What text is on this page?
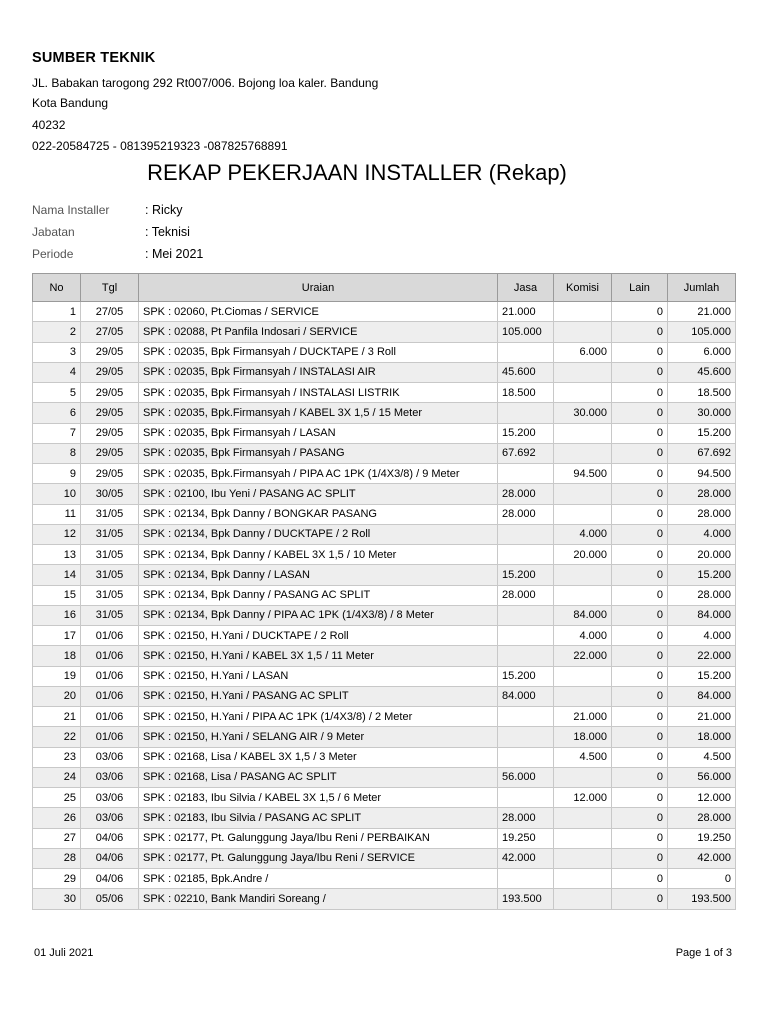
SUMBER TEKNIK
JL. Babakan tarogong 292 Rt007/006. Bojong loa kaler. Bandung
Kota Bandung
40232
022-20584725 - 081395219323 -087825768891
REKAP PEKERJAAN INSTALLER (Rekap)
Nama Installer	: Ricky
Jabatan	: Teknisi
Periode	: Mei 2021
No	Tgl	Uraian	Jasa	Komisi	Lain	Jumlah
1	27/05	SPK : 02060, Pt.Ciomas / SERVICE	21.000		0	21.000
2	27/05	SPK : 02088, Pt Panfila Indosari / SERVICE	105.000		0	105.000
3	29/05	SPK : 02035, Bpk Firmansyah / DUCKTAPE / 3 Roll		6.000	0	6.000
4	29/05	SPK : 02035, Bpk Firmansyah / INSTALASI AIR	45.600		0	45.600
5	29/05	SPK : 02035, Bpk Firmansyah / INSTALASI LISTRIK	18.500		0	18.500
6	29/05	SPK : 02035, Bpk.Firmansyah / KABEL 3X 1,5 / 15 Meter		30.000	0	30.000
7	29/05	SPK : 02035, Bpk Firmansyah / LASAN	15.200		0	15.200
8	29/05	SPK : 02035, Bpk Firmansyah / PASANG	67.692		0	67.692
9	29/05	SPK : 02035, Bpk.Firmansyah / PIPA AC 1PK (1/4X3/8) / 9 Meter		94.500	0	94.500
10	30/05	SPK : 02100, Ibu Yeni / PASANG AC SPLIT	28.000		0	28.000
11	31/05	SPK : 02134, Bpk Danny / BONGKAR PASANG	28.000		0	28.000
12	31/05	SPK : 02134, Bpk Danny / DUCKTAPE / 2 Roll		4.000	0	4.000
13	31/05	SPK : 02134, Bpk Danny / KABEL 3X 1,5 / 10 Meter		20.000	0	20.000
14	31/05	SPK : 02134, Bpk Danny / LASAN	15.200		0	15.200
15	31/05	SPK : 02134, Bpk Danny / PASANG AC SPLIT	28.000		0	28.000
16	31/05	SPK : 02134, Bpk Danny / PIPA AC 1PK (1/4X3/8) / 8 Meter		84.000	0	84.000
17	01/06	SPK : 02150, H.Yani / DUCKTAPE / 2 Roll		4.000	0	4.000
18	01/06	SPK : 02150, H.Yani / KABEL 3X 1,5 / 11 Meter		22.000	0	22.000
19	01/06	SPK : 02150, H.Yani / LASAN	15.200		0	15.200
20	01/06	SPK : 02150, H.Yani / PASANG AC SPLIT	84.000		0	84.000
21	01/06	SPK : 02150, H.Yani / PIPA AC 1PK (1/4X3/8) / 2 Meter		21.000	0	21.000
22	01/06	SPK : 02150, H.Yani / SELANG AIR / 9 Meter		18.000	0	18.000
23	03/06	SPK : 02168, Lisa / KABEL 3X 1,5 / 3 Meter		4.500	0	4.500
24	03/06	SPK : 02168, Lisa / PASANG AC SPLIT	56.000		0	56.000
25	03/06	SPK : 02183, Ibu Silvia / KABEL 3X 1,5 / 6 Meter		12.000	0	12.000
26	03/06	SPK : 02183, Ibu Silvia / PASANG AC SPLIT	28.000		0	28.000
27	04/06	SPK : 02177, Pt. Galunggung Jaya/Ibu Reni / PERBAIKAN	19.250		0	19.250
28	04/06	SPK : 02177, Pt. Galunggung Jaya/Ibu Reni / SERVICE	42.000		0	42.000
29	04/06	SPK : 02185, Bpk.Andre /			0	0
30	05/06	SPK : 02210, Bank Mandiri Soreang /	193.500		0	193.500
01 Juli 2021	Page 1 of 3
